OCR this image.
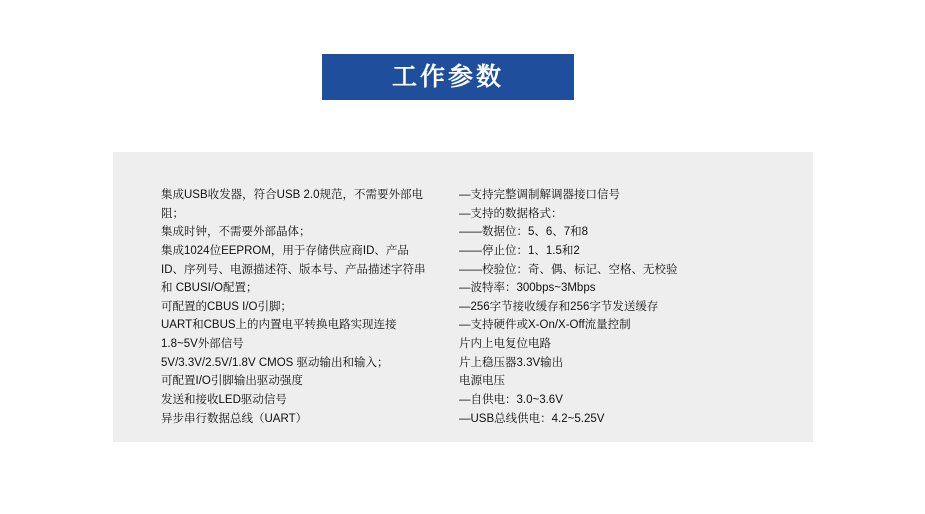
工作参数

集成USB收发器，符合USB 2.0规范，不需要外部电阻；

集成时钟，不需要外部晶体；

集成1024位EEPROM，用于存储供应商ID、产品ID、序列号、电源描述符、版本号、产品描述字符串和 CBUSI/O配置；

可配置的CBUS I/O引脚；

UART和CBUS上的内置电平转换电路实现连接1.8~5V外部信号

5V/3.3V/2.5V/1.8V CMOS 驱动输出和输入；

可配置I/O引脚输出驱动强度

发送和接收LED驱动信号

异步串行数据总线（UART）

—支持完整调制解调器接口信号

—支持的数据格式：

——数据位：5、6、7和8

——停止位：1、1.5和2

——校验位：奇、偶、标记、空格、无校验

—波特率：300bps~3Mbps

—256字节接收缓存和256字节发送缓存

—支持硬件或X-On/X-Off流量控制

片内上电复位电路

片上稳压器3.3V输出

电源电压

—自供电：3.0~3.6V

—USB总线供电：4.2~5.25V
